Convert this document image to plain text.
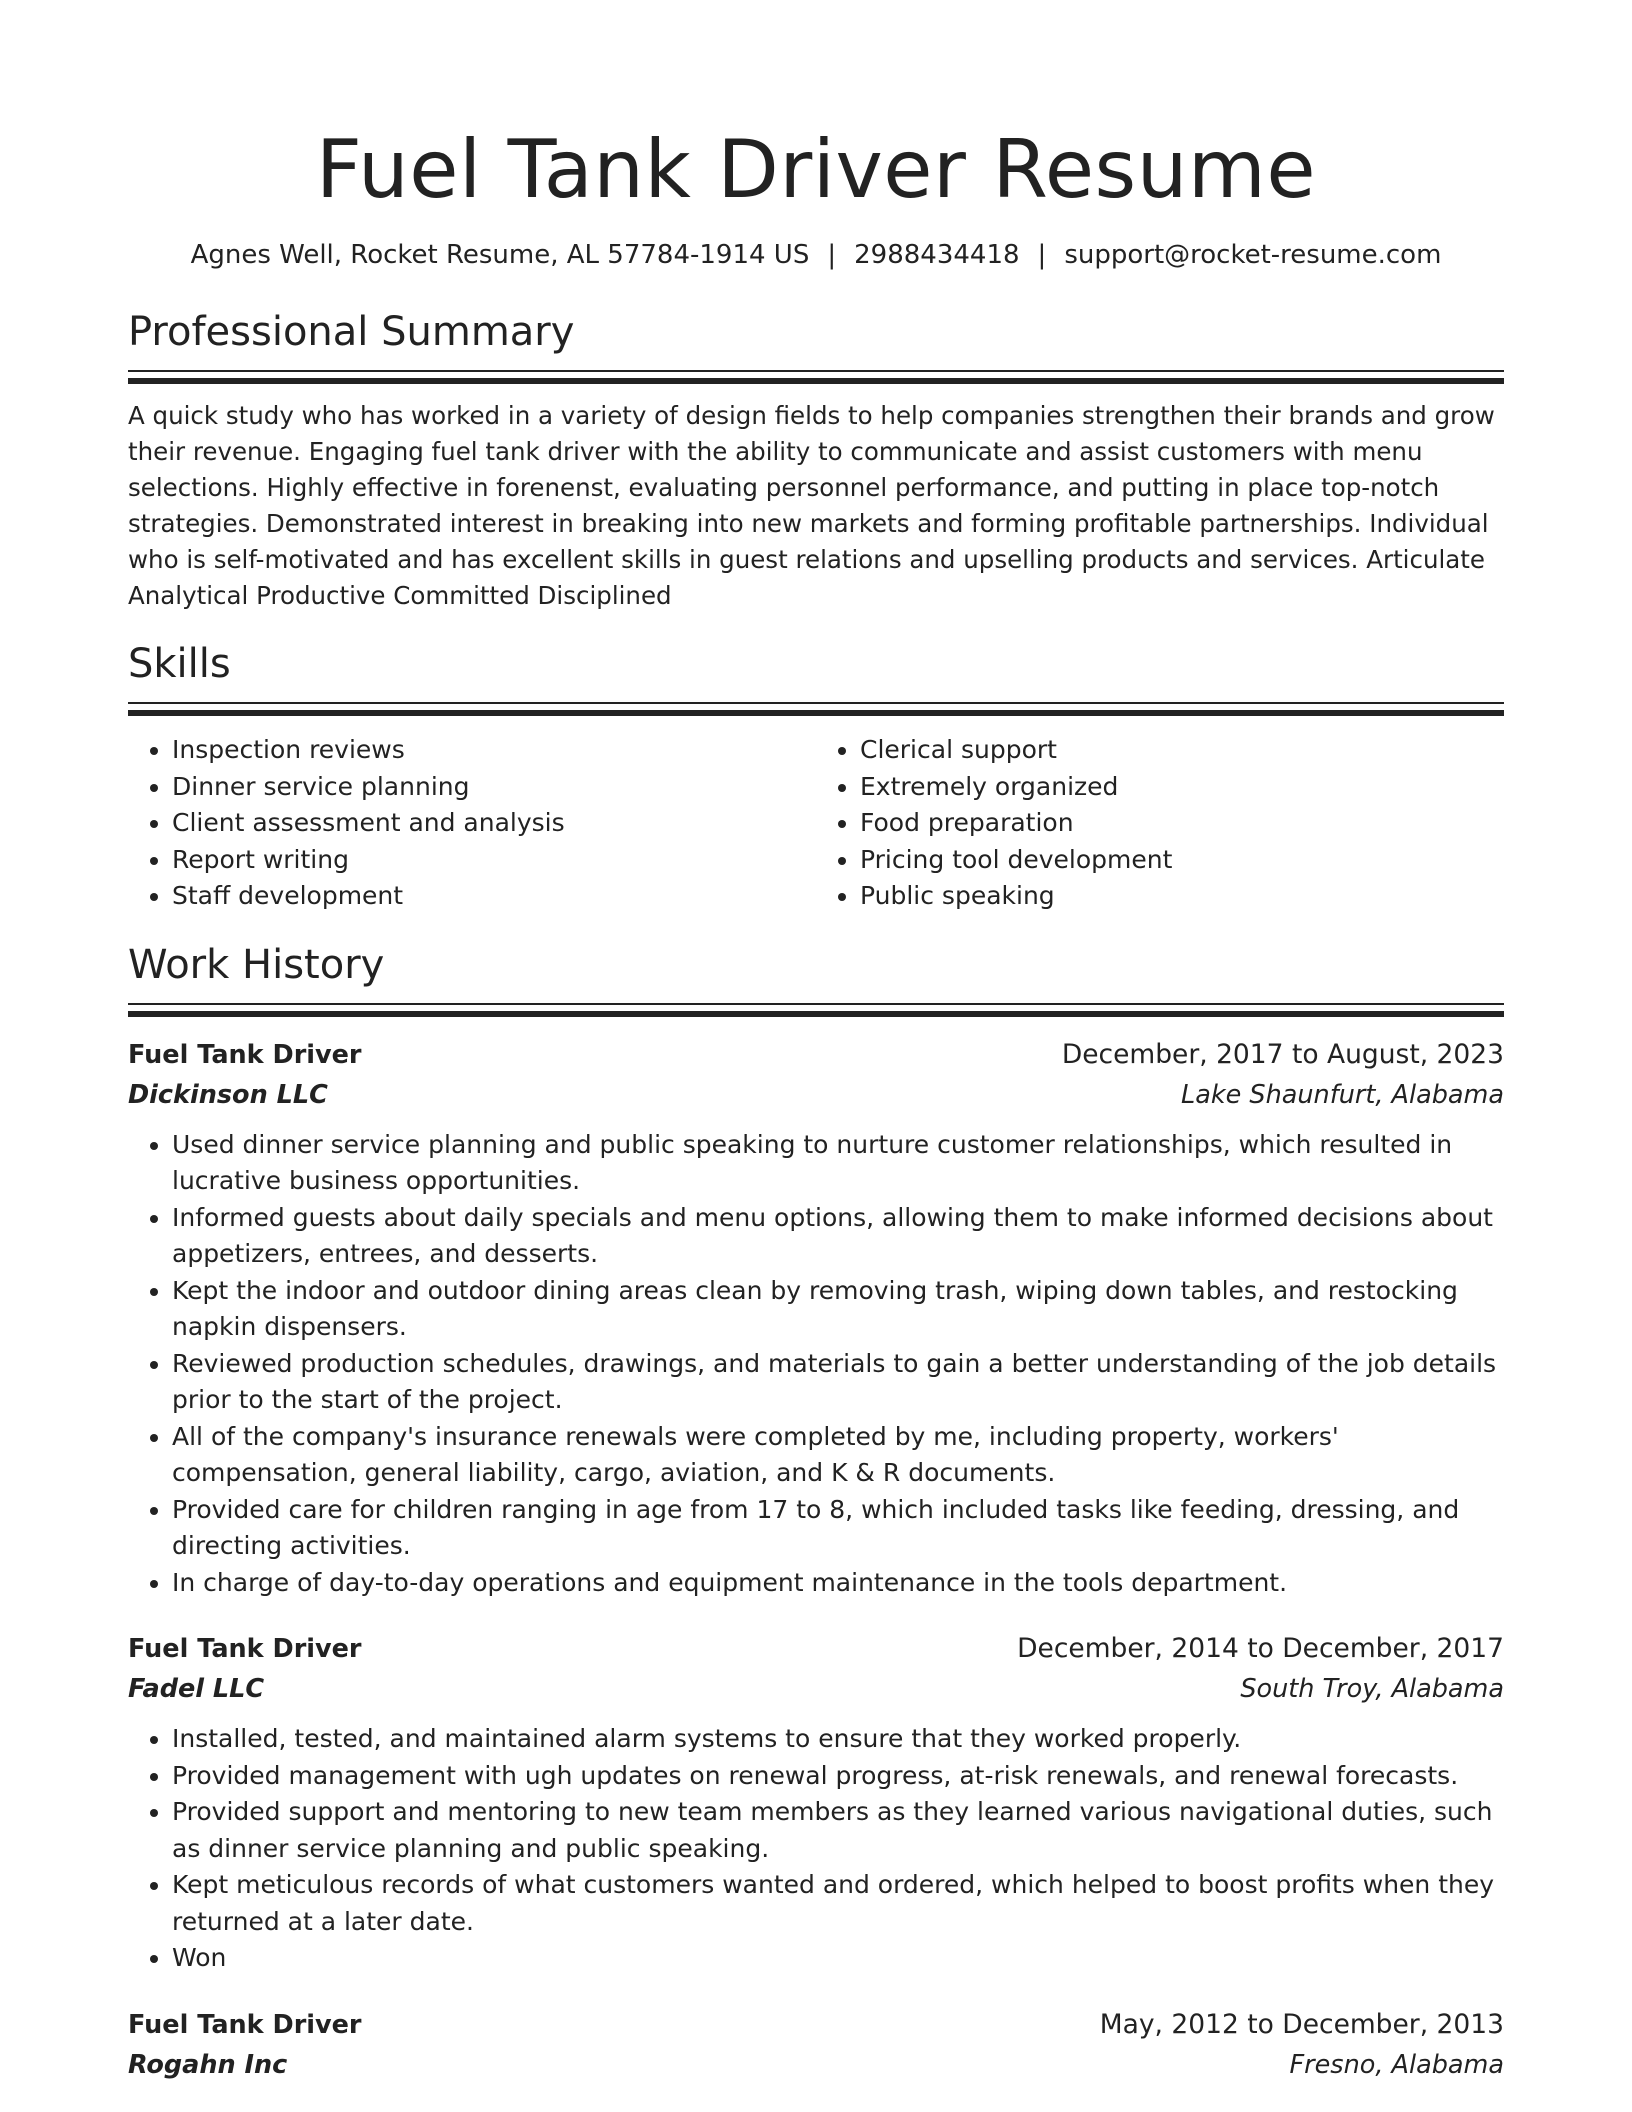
Fuel Tank Driver Resume
Agnes Well, Rocket Resume, AL 57784-1914 US | 2988434418 | support@rocket-resume.com
Professional Summary

A quick study who has worked in a variety of design fields to help companies strengthen their brands and grow their revenue. Engaging fuel tank driver with the ability to communicate and assist customers with menu selections. Highly effective in forenenst, evaluating personnel performance, and putting in place top-notch strategies. Demonstrated interest in breaking into new markets and forming profitable partnerships. Individual who is self-motivated and has excellent skills in guest relations and upselling products and services. Articulate Analytical Productive Committed Disciplined

Skills
• Inspection reviews
• Dinner service planning
• Client assessment and analysis
• Report writing
• Staff development
• Clerical support
• Extremely organized
• Food preparation
• Pricing tool development
• Public speaking
Work History
Fuel Tank Driver	December, 2017 to August, 2023
Dickinson LLC	Lake Shaunfurt, Alabama
• Used dinner service planning and public speaking to nurture customer relationships, which resulted in lucrative business opportunities.
• Informed guests about daily specials and menu options, allowing them to make informed decisions about appetizers, entrees, and desserts.
• Kept the indoor and outdoor dining areas clean by removing trash, wiping down tables, and restocking napkin dispensers.
• Reviewed production schedules, drawings, and materials to gain a better understanding of the job details prior to the start of the project.
• All of the company's insurance renewals were completed by me, including property, workers' compensation, general liability, cargo, aviation, and K & R documents.
• Provided care for children ranging in age from 17 to 8, which included tasks like feeding, dressing, and directing activities.
• In charge of day-to-day operations and equipment maintenance in the tools department.
Fuel Tank Driver	December, 2014 to December, 2017
Fadel LLC	South Troy, Alabama
• Installed, tested, and maintained alarm systems to ensure that they worked properly.
• Provided management with ugh updates on renewal progress, at-risk renewals, and renewal forecasts.
• Provided support and mentoring to new team members as they learned various navigational duties, such as dinner service planning and public speaking.
• Kept meticulous records of what customers wanted and ordered, which helped to boost profits when they returned at a later date.
• Won
Fuel Tank Driver	May, 2012 to December, 2013
Rogahn Inc	Fresno, Alabama
